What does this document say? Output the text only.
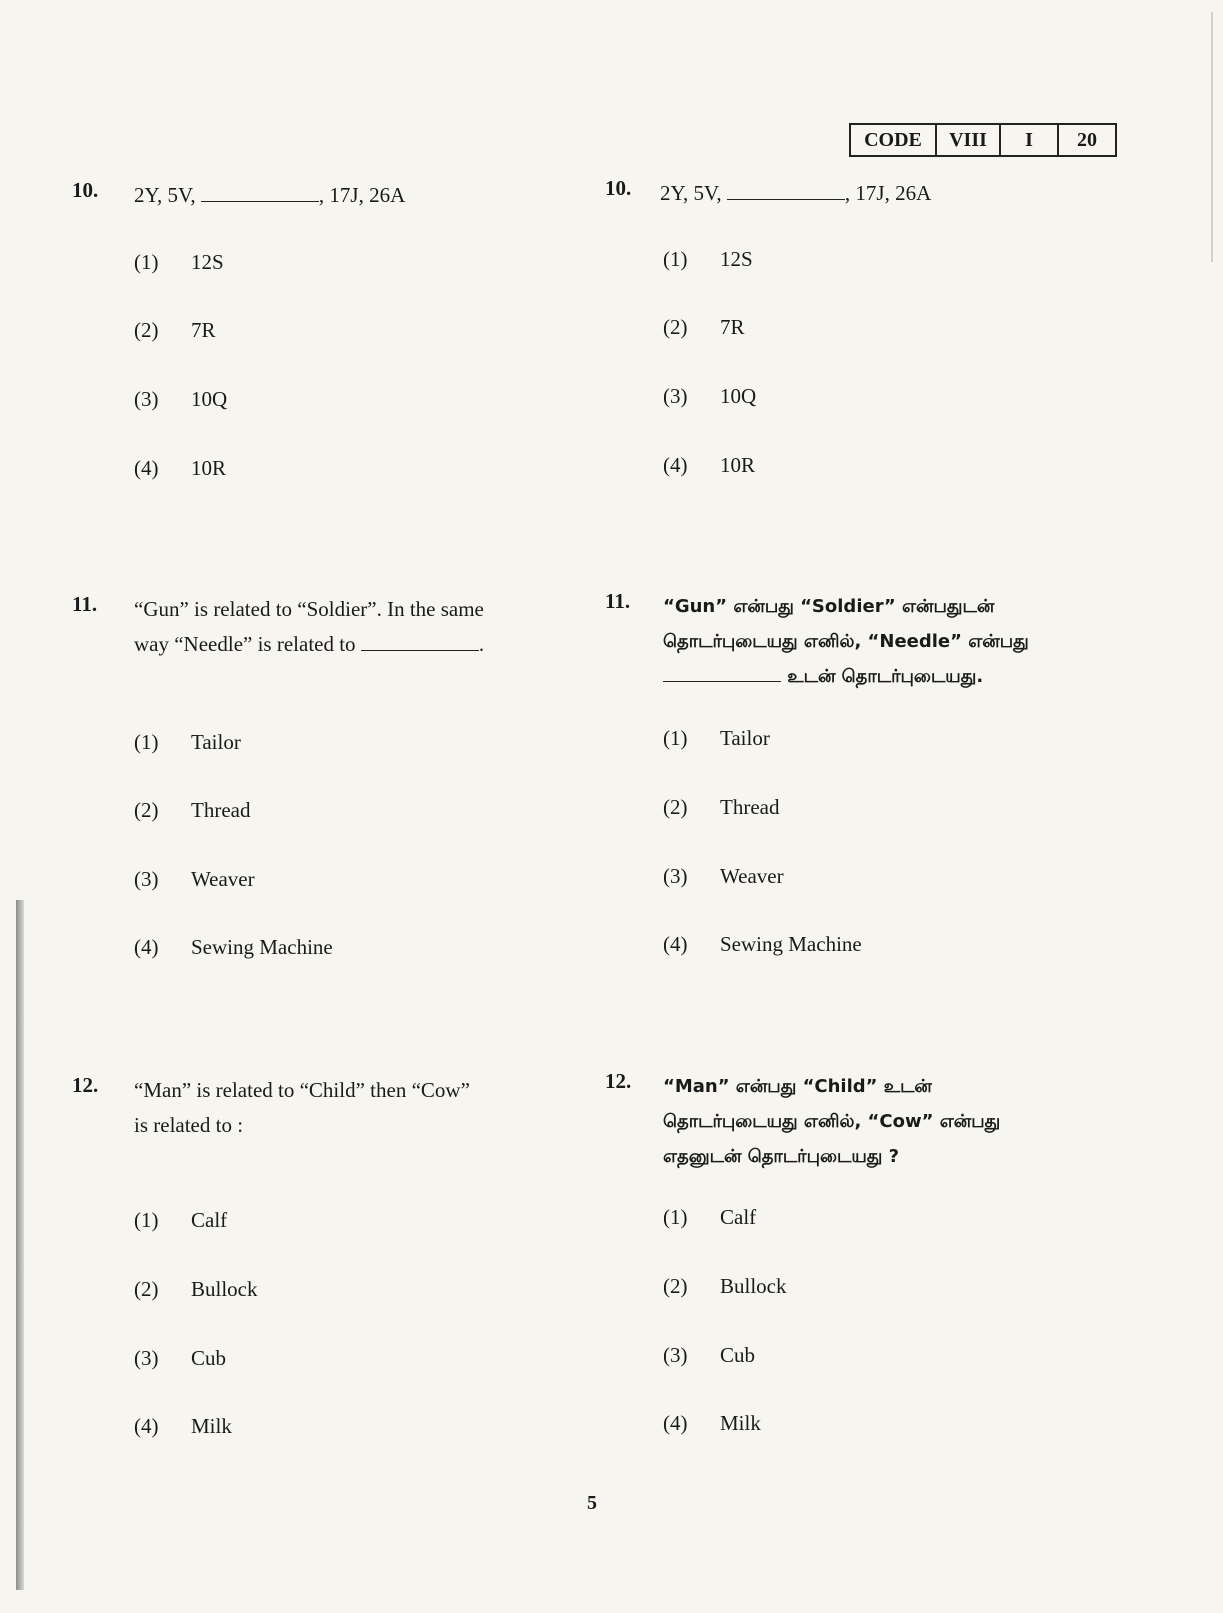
CODE	VIII	I	20
10. 2Y, 5V,	, 17J, 26A
(1) 12S
(2) 7R
(3) 10Q
(4) 10R
11. “Gun” is related to “Soldier”. In the same
way “Needle” is related to	.
(1) Tailor
(2) Thread
(3) Weaver
(4) Sewing Machine
12. “Man” is related to “Child” then “Cow”
is related to :
(1) Calf
(2) Bullock
(3) Cub
(4) Milk
10. 2Y, 5V,	, 17J, 26A
(1) 12S
(2) 7R
(3) 10Q
(4) 10R
11. “Gun” என்பது “Soldier” என்பதுடன்
தொடர்புடையது எனில், “Needle” என்பது
உடன் தொடர்புடையது.
(1) Tailor
(2) Thread
(3) Weaver
(4) Sewing Machine
12. “Man” என்பது “Child” உடன்
தொடர்புடையது எனில், “Cow” என்பது
எதனுடன் தொடர்புடையது ?
(1) Calf
(2) Bullock
(3) Cub
(4) Milk
5
